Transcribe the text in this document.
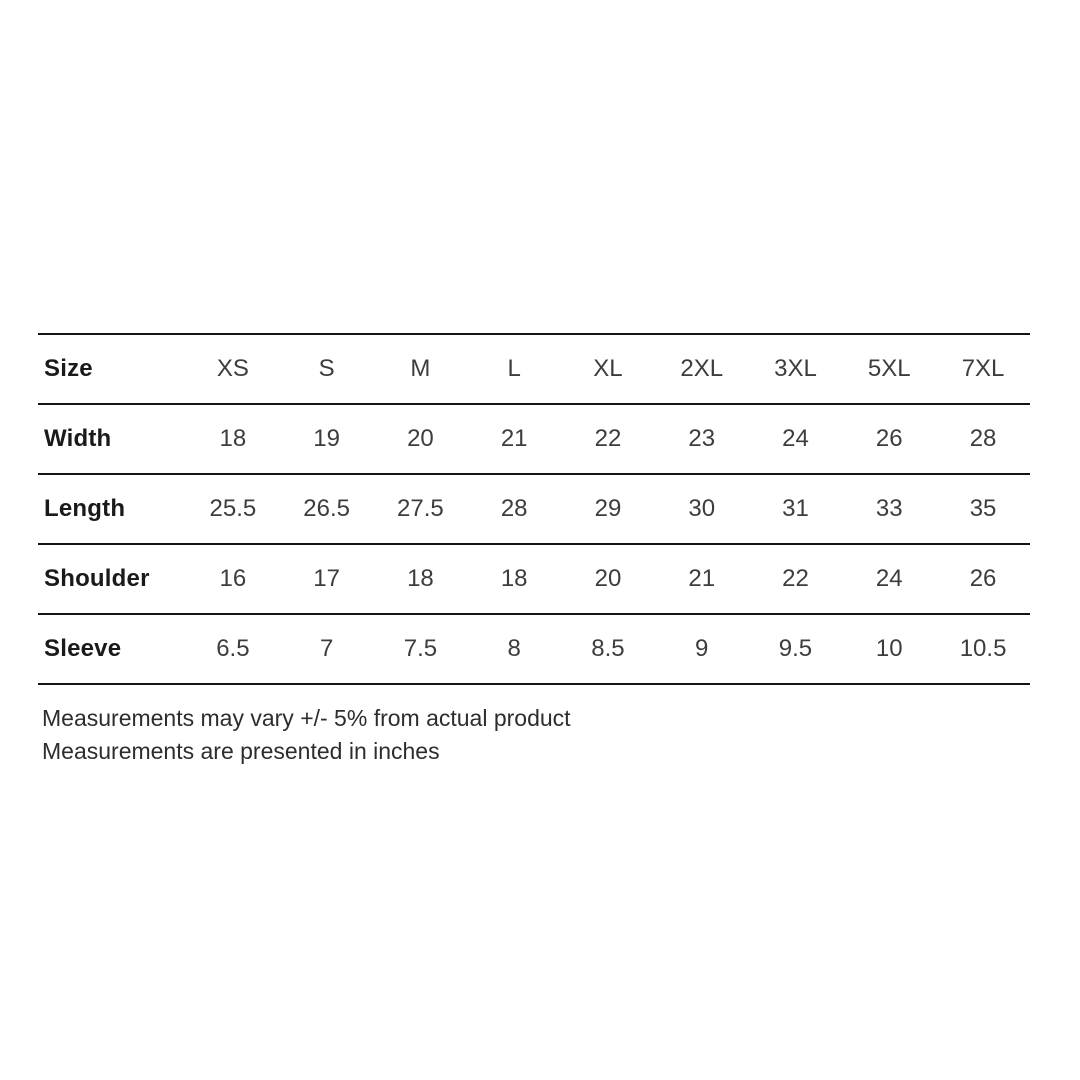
Size	XS	S	M	L	XL	2XL	3XL	5XL	7XL
Width	18	19	20	21	22	23	24	26	28
Length	25.5	26.5	27.5	28	29	30	31	33	35
Shoulder	16	17	18	18	20	21	22	24	26
Sleeve	6.5	7	7.5	8	8.5	9	9.5	10	10.5

Measurements may vary +/- 5% from actual product

Measurements are presented in inches
